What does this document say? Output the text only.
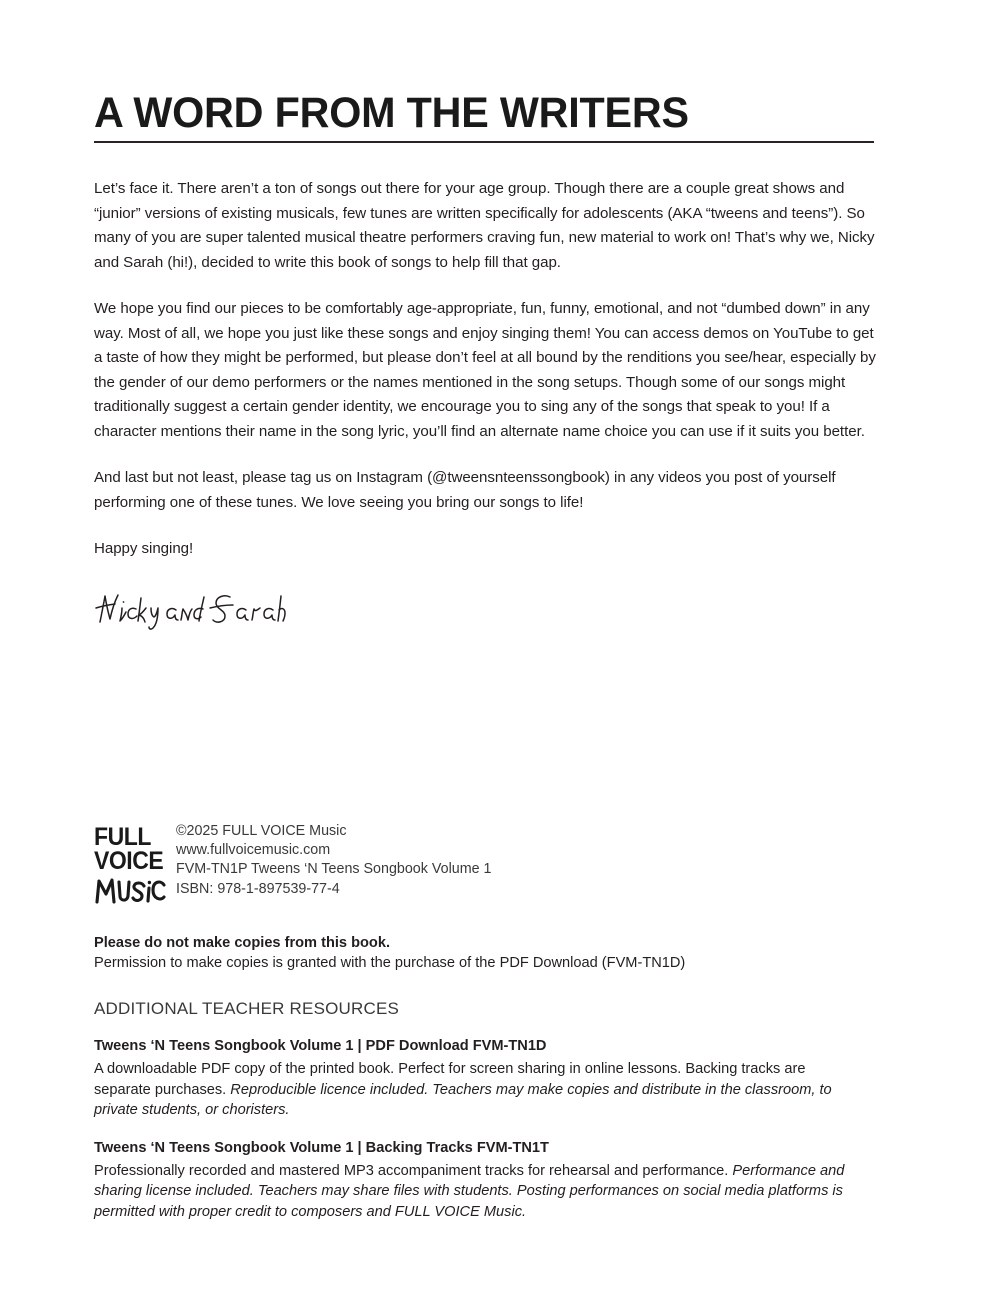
A WORD FROM THE WRITERS

Let’s face it. There aren’t a ton of songs out there for your age group. Though there are a couple great shows and “junior” versions of existing musicals, few tunes are written specifically for adolescents (AKA “tweens and teens”). So many of you are super talented musical theatre performers craving fun, new material to work on! That’s why we, Nicky and Sarah (hi!), decided to write this book of songs to help fill that gap.

We hope you find our pieces to be comfortably age-appropriate, fun, funny, emotional, and not “dumbed down” in any way. Most of all, we hope you just like these songs and enjoy singing them! You can access demos on YouTube to get a taste of how they might be performed, but please don’t feel at all bound by the renditions you see/hear, especially by the gender of our demo performers or the names mentioned in the song setups. Though some of our songs might traditionally suggest a certain gender identity, we encourage you to sing any of the songs that speak to you! If a character mentions their name in the song lyric, you’ll find an alternate name choice you can use if it suits you better.

And last but not least, please tag us on Instagram (@tweensnteenssongbook) in any videos you post of yourself performing one of these tunes. We love seeing you bring our songs to life!

Happy singing!

FULL
VOICE
©2025 FULL VOICE Music
www.fullvoicemusic.com
FVM-TN1P Tweens ‘N Teens Songbook Volume 1
ISBN: 978-1-897539-77-4
Please do not make copies from this book.
Permission to make copies is granted with the purchase of the PDF Download (FVM-TN1D)
ADDITIONAL TEACHER RESOURCES
Tweens ‘N Teens Songbook Volume 1 | PDF Download FVM-TN1D
A downloadable PDF copy of the printed book. Perfect for screen sharing in online lessons. Backing tracks are separate purchases. Reproducible licence included. Teachers may make copies and distribute in the classroom, to private students, or choristers.
Tweens ‘N Teens Songbook Volume 1 | Backing Tracks FVM-TN1T
Professionally recorded and mastered MP3 accompaniment tracks for rehearsal and performance. Performance and sharing license included. Teachers may share files with students. Posting performances on social media platforms is permitted with proper credit to composers and FULL VOICE Music.
